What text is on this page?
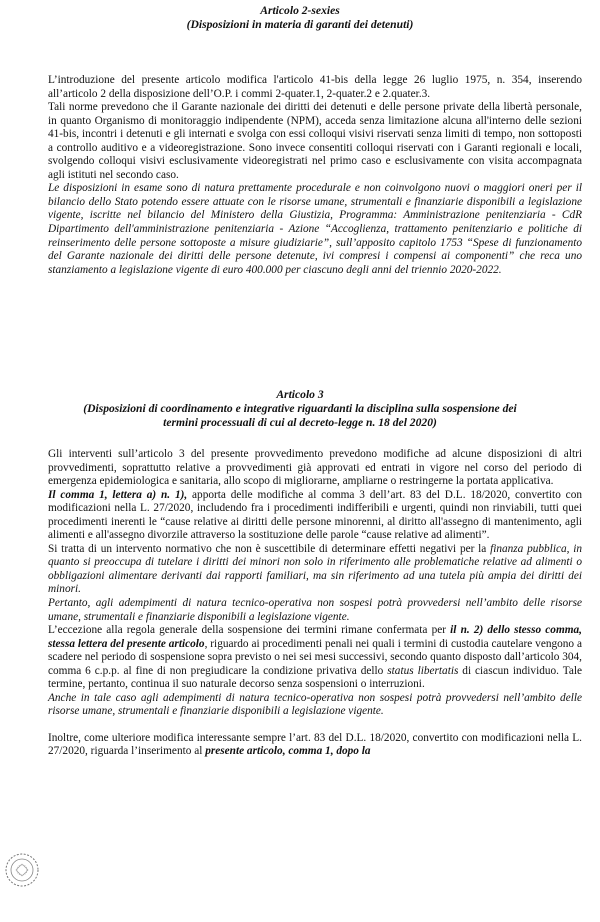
Articolo 2-sexies
(Disposizioni in materia di garanti dei detenuti)

L’introduzione del presente articolo modifica l'articolo 41-bis della legge 26 luglio 1975, n. 354, inserendo all’articolo 2 della disposizione dell’O.P. i commi 2-quater.1, 2-quater.2 e 2.quater.3.

Tali norme prevedono che il Garante nazionale dei diritti dei detenuti e delle persone private della libertà personale, in quanto Organismo di monitoraggio indipendente (NPM), acceda senza limitazione alcuna all'interno delle sezioni 41-bis, incontri i detenuti e gli internati e svolga con essi colloqui visivi riservati senza limiti di tempo, non sottoposti a controllo auditivo e a videoregistrazione. Sono invece consentiti colloqui riservati con i Garanti regionali e locali, svolgendo colloqui visivi esclusivamente videoregistrati nel primo caso e esclusivamente con visita accompagnata agli istituti nel secondo caso.

Le disposizioni in esame sono di natura prettamente procedurale e non coinvolgono nuovi o maggiori oneri per il bilancio dello Stato potendo essere attuate con le risorse umane, strumentali e finanziarie disponibili a legislazione vigente, iscritte nel bilancio del Ministero della Giustizia, Programma: Amministrazione penitenziaria - CdR Dipartimento dell'amministrazione penitenziaria - Azione “Accoglienza, trattamento penitenziario e politiche di reinserimento delle persone sottoposte a misure giudiziarie”, sull’apposito capitolo 1753 “Spese di funzionamento del Garante nazionale dei diritti delle persone detenute, ivi compresi i compensi ai componenti” che reca uno stanziamento a legislazione vigente di euro 400.000 per ciascuno degli anni del triennio 2020-2022.

Articolo 3
(Disposizioni di coordinamento e integrative riguardanti la disciplina sulla sospensione dei
termini processuali di cui al decreto-legge n. 18 del 2020)

Gli interventi sull’articolo 3 del presente provvedimento prevedono modifiche ad alcune disposizioni di altri provvedimenti, soprattutto relative a provvedimenti già approvati ed entrati in vigore nel corso del periodo di emergenza epidemiologica e sanitaria, allo scopo di migliorarne, ampliarne o restringerne la portata applicativa.

Il comma 1, lettera a) n. 1), apporta delle modifiche al comma 3 dell’art. 83 del D.L. 18/2020, convertito con modificazioni nella L. 27/2020, includendo fra i procedimenti indifferibili e urgenti, quindi non rinviabili, tutti quei procedimenti inerenti le “cause relative ai diritti delle persone minorenni, al diritto all'assegno di mantenimento, agli alimenti e all'assegno divorzile attraverso la sostituzione delle parole “cause relative ad alimenti”.

Si tratta di un intervento normativo che non è suscettibile di determinare effetti negativi per la finanza pubblica, in quanto si preoccupa di tutelare i diritti dei minori non solo in riferimento alle problematiche relative ad alimenti o obbligazioni alimentare derivanti dai rapporti familiari, ma sin riferimento ad una tutela più ampia dei diritti dei minori.

Pertanto, agli adempimenti di natura tecnico-operativa non sospesi potrà provvedersi nell’ambito delle risorse umane, strumentali e finanziarie disponibili a legislazione vigente.

L’eccezione alla regola generale della sospensione dei termini rimane confermata per il n. 2) dello stesso comma, stessa lettera del presente articolo, riguardo ai procedimenti penali nei quali i termini di custodia cautelare vengono a scadere nel periodo di sospensione sopra previsto o nei sei mesi successivi, secondo quanto disposto dall’articolo 304, comma 6 c.p.p. al fine di non pregiudicare la condizione privativa dello status libertatis di ciascun individuo. Tale termine, pertanto, continua il suo naturale decorso senza sospensioni o interruzioni.

Anche in tale caso agli adempimenti di natura tecnico-operativa non sospesi potrà provvedersi nell’ambito delle risorse umane, strumentali e finanziarie disponibili a legislazione vigente.

Inoltre, come ulteriore modifica interessante sempre l’art. 83 del D.L. 18/2020, convertito con modificazioni nella L. 27/2020, riguarda l’inserimento al presente articolo, comma 1, dopo la
